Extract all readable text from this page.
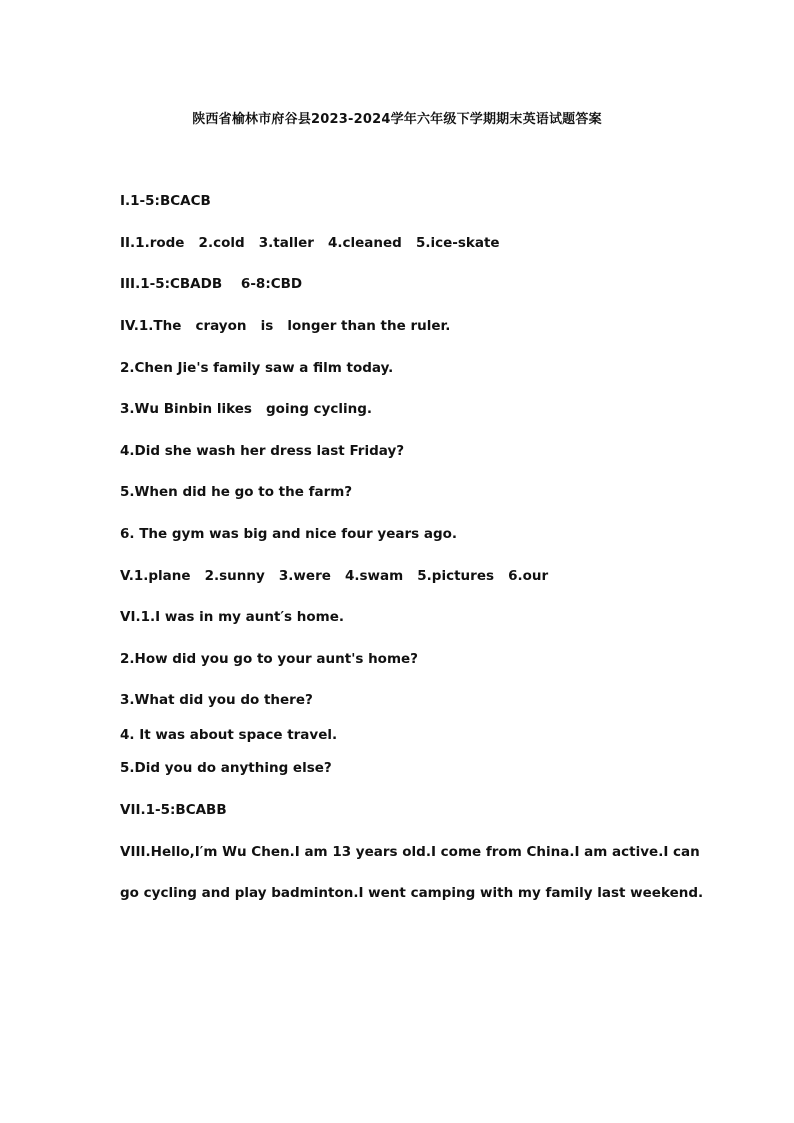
陕西省榆林市府谷县2023-2024学年六年级下学期期末英语试题答案
I.1-5:BCACB
II.1.rode   2.cold   3.taller   4.cleaned   5.ice-skate
III.1-5:CBADB    6-8:CBD
IV.1.The   crayon   is   longer than the ruler.
2.Chen Jie's family saw a film today.
3.Wu Binbin likes   going cycling.
4.Did she wash her dress last Friday?
5.When did he go to the farm?
6. The gym was big and nice four years ago.
V.1.plane   2.sunny   3.were   4.swam   5.pictures   6.our
VI.1.I was in my aunt′s home.
2.How did you go to your aunt's home?
3.What did you do there?
4. It was about space travel.
5.Did you do anything else?
VII.1-5:BCABB
VIII.Hello,I′m Wu Chen.I am 13 years old.I come from China.I am active.I can
go cycling and play badminton.I went camping with my family last weekend.
